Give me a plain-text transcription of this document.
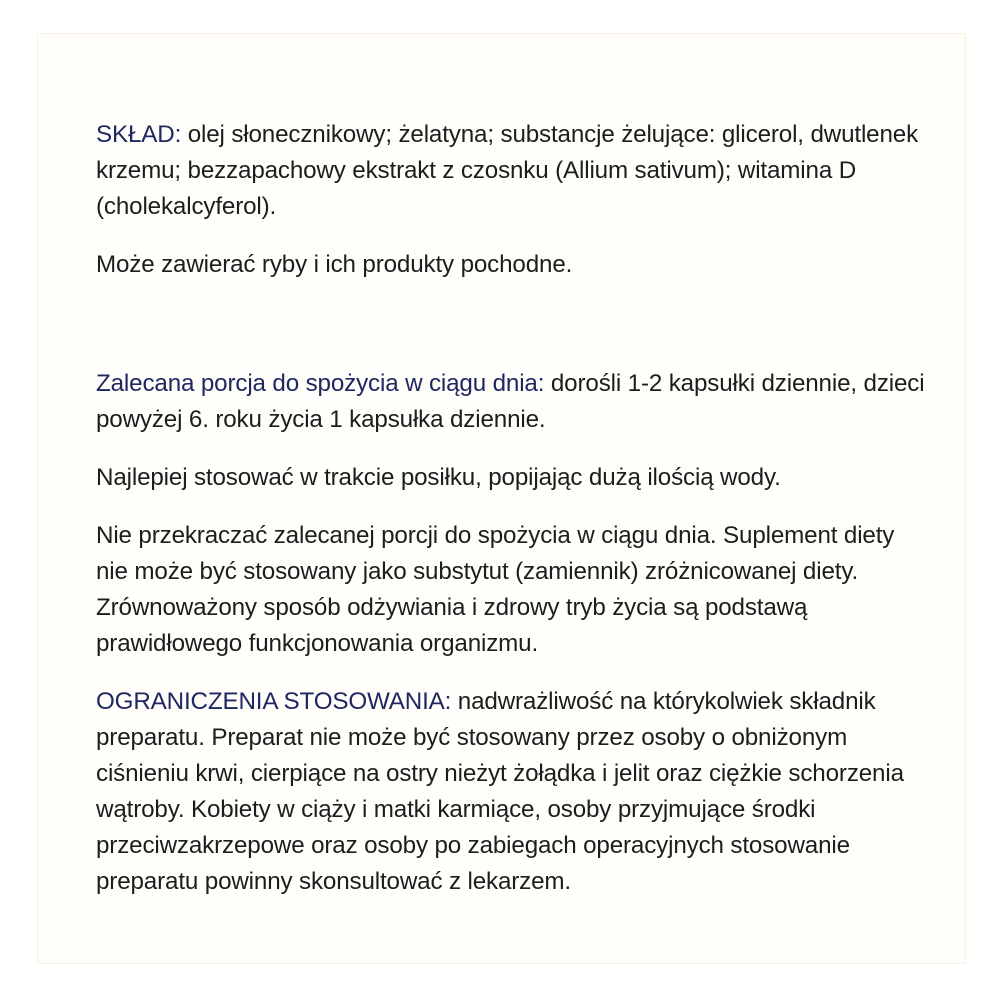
SKŁAD: olej słonecznikowy; żelatyna; substancje żelujące: glicerol, dwutlenek krzemu; bezzapachowy ekstrakt z czosnku (Allium sativum); witamina D (cholekalcyferol).

Może zawierać ryby i ich produkty pochodne.

Zalecana porcja do spożycia w ciągu dnia: dorośli 1-2 kapsułki dziennie, dzieci powyżej 6. roku życia 1 kapsułka dziennie.

Najlepiej stosować w trakcie posiłku, popijając dużą ilością wody.

Nie przekraczać zalecanej porcji do spożycia w ciągu dnia. Suplement diety nie może być stosowany jako substytut (zamiennik) zróżnicowanej diety. Zrównoważony sposób odżywiania i zdrowy tryb życia są podstawą prawidłowego funkcjonowania organizmu.

OGRANICZENIA STOSOWANIA: nadwrażliwość na którykolwiek składnik preparatu. Preparat nie może być stosowany przez osoby o obniżonym ciśnieniu krwi, cierpiące na ostry nieżyt żołądka i jelit oraz ciężkie schorzenia wątroby. Kobiety w ciąży i matki karmiące, osoby przyjmujące środki przeciwzakrzepowe oraz osoby po zabiegach operacyjnych stosowanie preparatu powinny skonsultować z lekarzem.
